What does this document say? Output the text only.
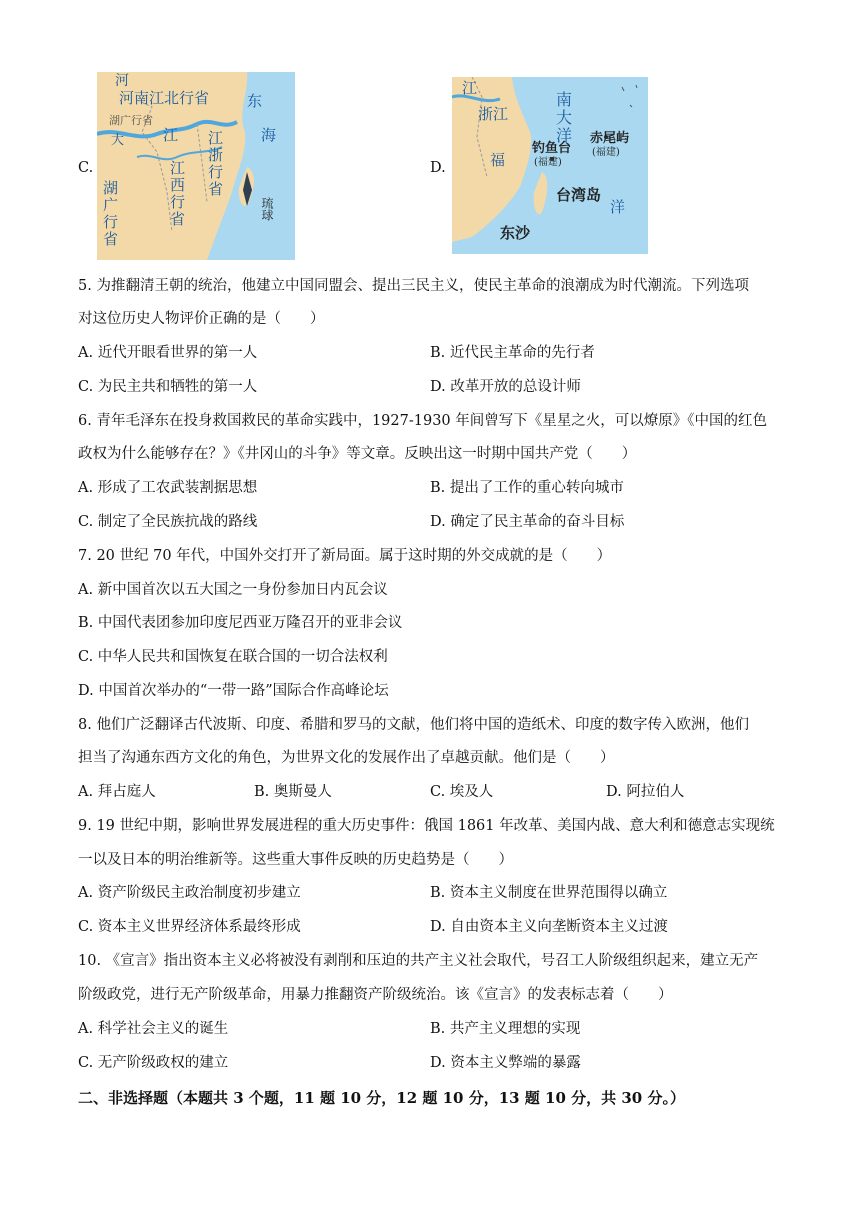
C.
河
河南江北行省
湖广行省
大	江 江浙行省
江西行省
湖广行省
东
海
琉球
D.
江
浙江
福
南
大
洋
钓鱼台
(福建)
赤尾屿
(福建)
台湾岛
洋
东沙
5. 为推翻清王朝的统治，他建立中国同盟会、提出三民主义，使民主革命的浪潮成为时代潮流。下列选项
对这位历史人物评价正确的是（　　）
A. 近代开眼看世界的第一人	B. 近代民主革命的先行者
C. 为民主共和牺牲的第一人	D. 改革开放的总设计师
6. 青年毛泽东在投身救国救民的革命实践中，1927-1930 年间曾写下《星星之火，可以燎原》《中国的红色
政权为什么能够存在？》《井冈山的斗争》等文章。反映出这一时期中国共产党（　　）
A. 形成了工农武装割据思想	B. 提出了工作的重心转向城市
C. 制定了全民族抗战的路线	D. 确定了民主革命的奋斗目标
7. 20 世纪 70 年代，中国外交打开了新局面。属于这时期的外交成就的是（　　）
A. 新中国首次以五大国之一身份参加日内瓦会议
B. 中国代表团参加印度尼西亚万隆召开的亚非会议
C. 中华人民共和国恢复在联合国的一切合法权利
D. 中国首次举办的“一带一路”国际合作高峰论坛
8. 他们广泛翻译古代波斯、印度、希腊和罗马的文献，他们将中国的造纸术、印度的数字传入欧洲，他们
担当了沟通东西方文化的角色，为世界文化的发展作出了卓越贡献。他们是（　　）
A. 拜占庭人	B. 奥斯曼人	C. 埃及人	D. 阿拉伯人
9. 19 世纪中期，影响世界发展进程的重大历史事件：俄国 1861 年改革、美国内战、意大利和德意志实现统
一以及日本的明治维新等。这些重大事件反映的历史趋势是（　　）
A. 资产阶级民主政治制度初步建立	B. 资本主义制度在世界范围得以确立
C. 资本主义世界经济体系最终形成	D. 自由资本主义向垄断资本主义过渡
10. 《宣言》指出资本主义必将被没有剥削和压迫的共产主义社会取代，号召工人阶级组织起来，建立无产
阶级政党，进行无产阶级革命，用暴力推翻资产阶级统治。该《宣言》的发表标志着（　　）
A. 科学社会主义的诞生	B. 共产主义理想的实现
C. 无产阶级政权的建立	D. 资本主义弊端的暴露
二、非选择题（本题共 3 个题，11 题 10 分，12 题 10 分，13 题 10 分，共 30 分。）
